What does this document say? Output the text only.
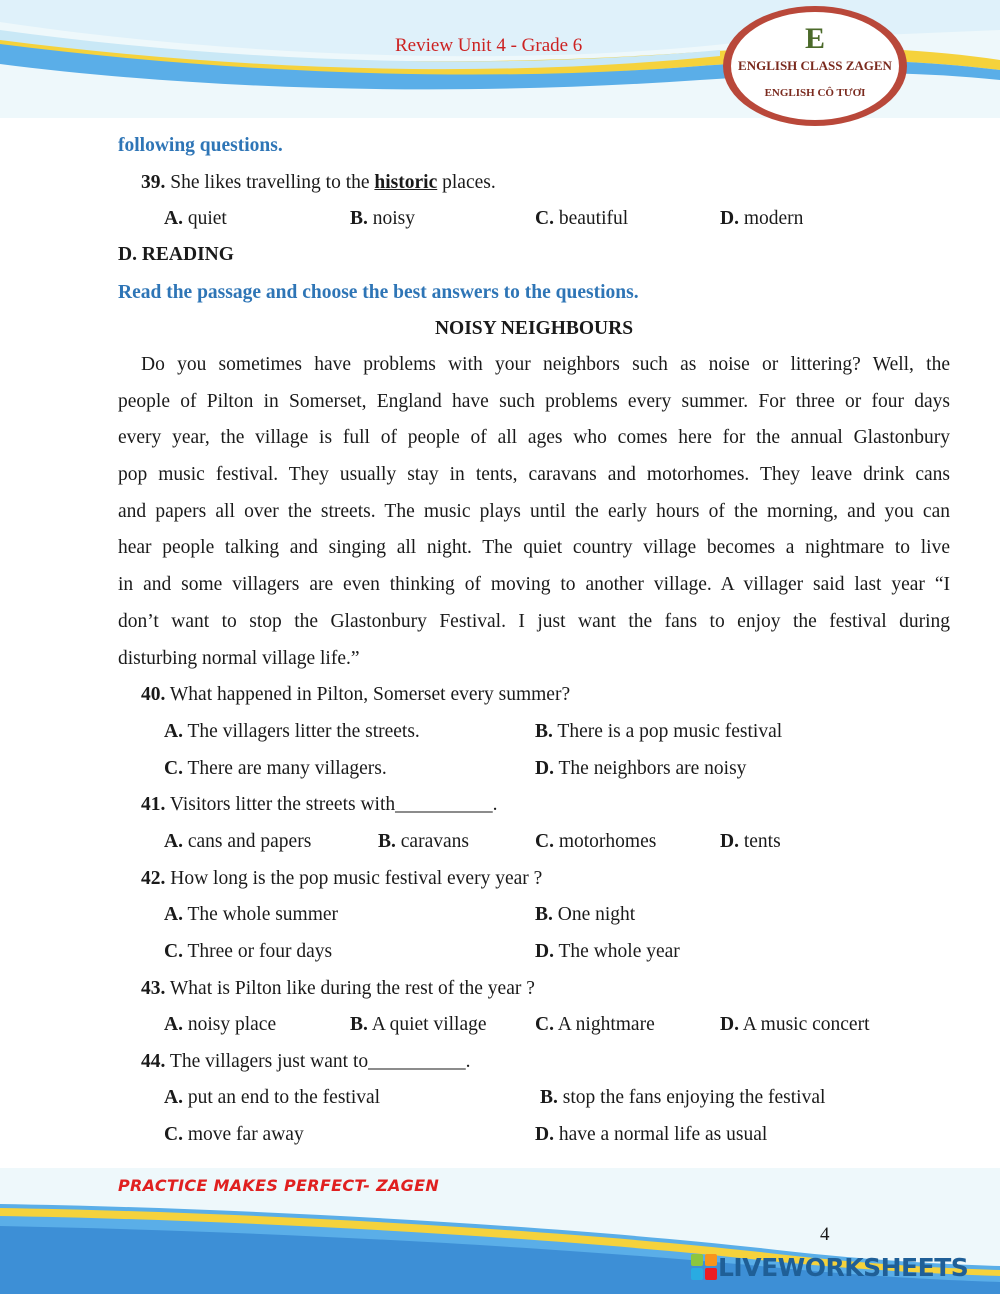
Review Unit 4 - Grade 6	E
ENGLISH CLASS ZAGEN
ENGLISH CÔ TƯƠI
following questions.
39. She likes travelling to the historic places.
A. quiet	B. noisy	C. beautiful	D. modern
D. READING
Read the passage and choose the best answers to the questions.
NOISY NEIGHBOURS
Do you sometimes have problems with your neighbors such as noise or littering? Well, the
people of Pilton in Somerset, England have such problems every summer. For three or four days
every year, the village is full of people of all ages who comes here for the annual Glastonbury
pop music festival. They usually stay in tents, caravans and motorhomes. They leave drink cans
and papers all over the streets. The music plays until the early hours of the morning, and you can
hear people talking and singing all night. The quiet country village becomes a nightmare to live
in and some villagers are even thinking of moving to another village. A villager said last year “I
don’t want to stop the Glastonbury Festival. I just want the fans to enjoy the festival during
disturbing normal village life.”
40. What happened in Pilton, Somerset every summer?
A. The villagers litter the streets.	B. There is a pop music festival
C. There are many villagers.	D. The neighbors are noisy
41. Visitors litter the streets with__________.
A. cans and papers	B. caravans	C. motorhomes	D. tents
42. How long is the pop music festival every year ?
A. The whole summer	B. One night
C. Three or four days	D. The whole year
43. What is Pilton like during the rest of the year ?
A. noisy place	B. A quiet village C. A nightmare	D. A music concert
44. The villagers just want to__________.
A. put an end to the festival	B. stop the fans enjoying the festival
C. move far away	D. have a normal life as usual
PRACTICE MAKES PERFECT- ZAGEN
4
LIVEWORKSHEETS
